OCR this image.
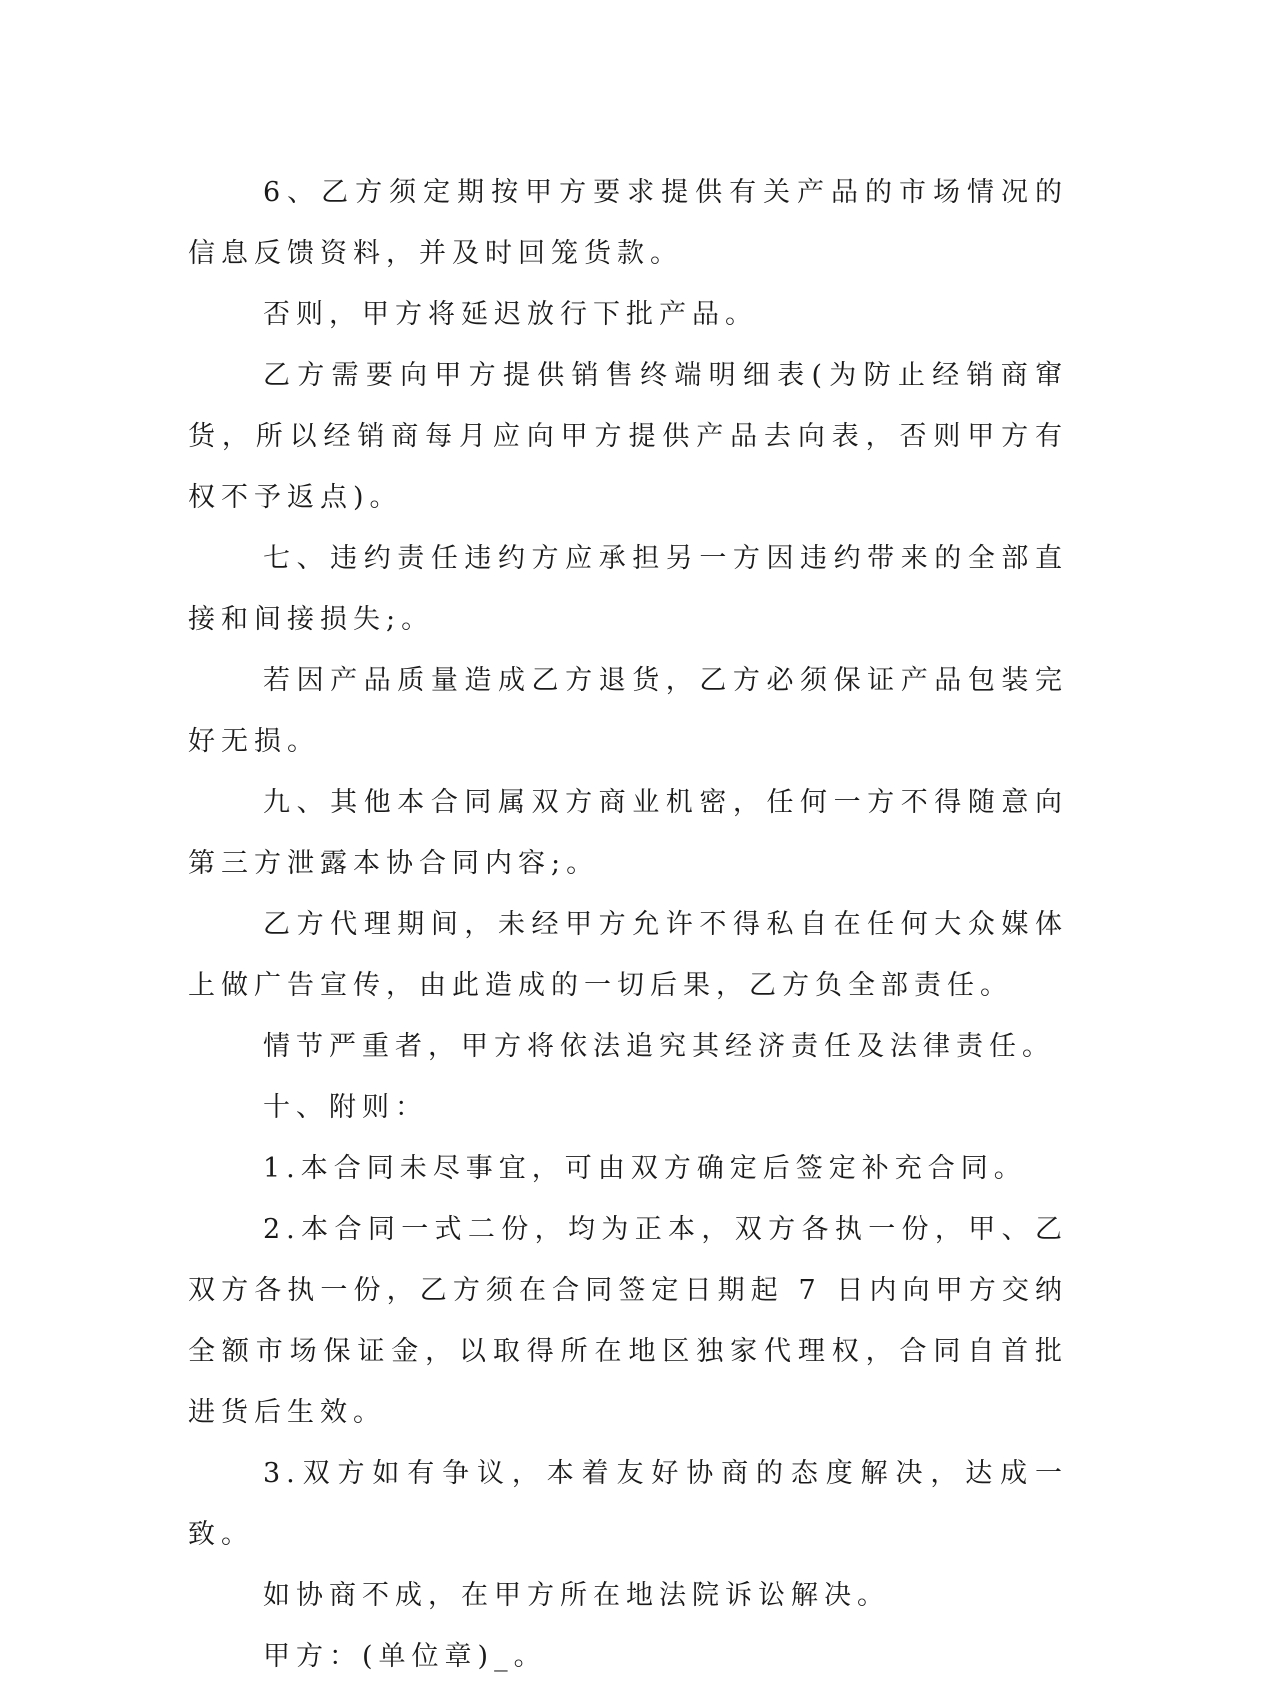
6、乙方须定期按甲方要求提供有关产品的市场情况的信息反馈资料，并及时回笼货款。

否则，甲方将延迟放行下批产品。

乙方需要向甲方提供销售终端明细表(为防止经销商窜货，所以经销商每月应向甲方提供产品去向表，否则甲方有权不予返点)。

七、违约责任违约方应承担另一方因违约带来的全部直接和间接损失;。

若因产品质量造成乙方退货，乙方必须保证产品包装完好无损。

九、其他本合同属双方商业机密，任何一方不得随意向第三方泄露本协合同内容;。

乙方代理期间，未经甲方允许不得私自在任何大众媒体上做广告宣传，由此造成的一切后果，乙方负全部责任。

情节严重者，甲方将依法追究其经济责任及法律责任。

十、附则：

1.本合同未尽事宜，可由双方确定后签定补充合同。

2.本合同一式二份，均为正本，双方各执一份，甲、乙双方各执一份，乙方须在合同签定日期起 7 日内向甲方交纳全额市场保证金，以取得所在地区独家代理权，合同自首批进货后生效。

3.双方如有争议，本着友好协商的态度解决，达成一致。

如协商不成，在甲方所在地法院诉讼解决。

甲方：(单位章)_。
